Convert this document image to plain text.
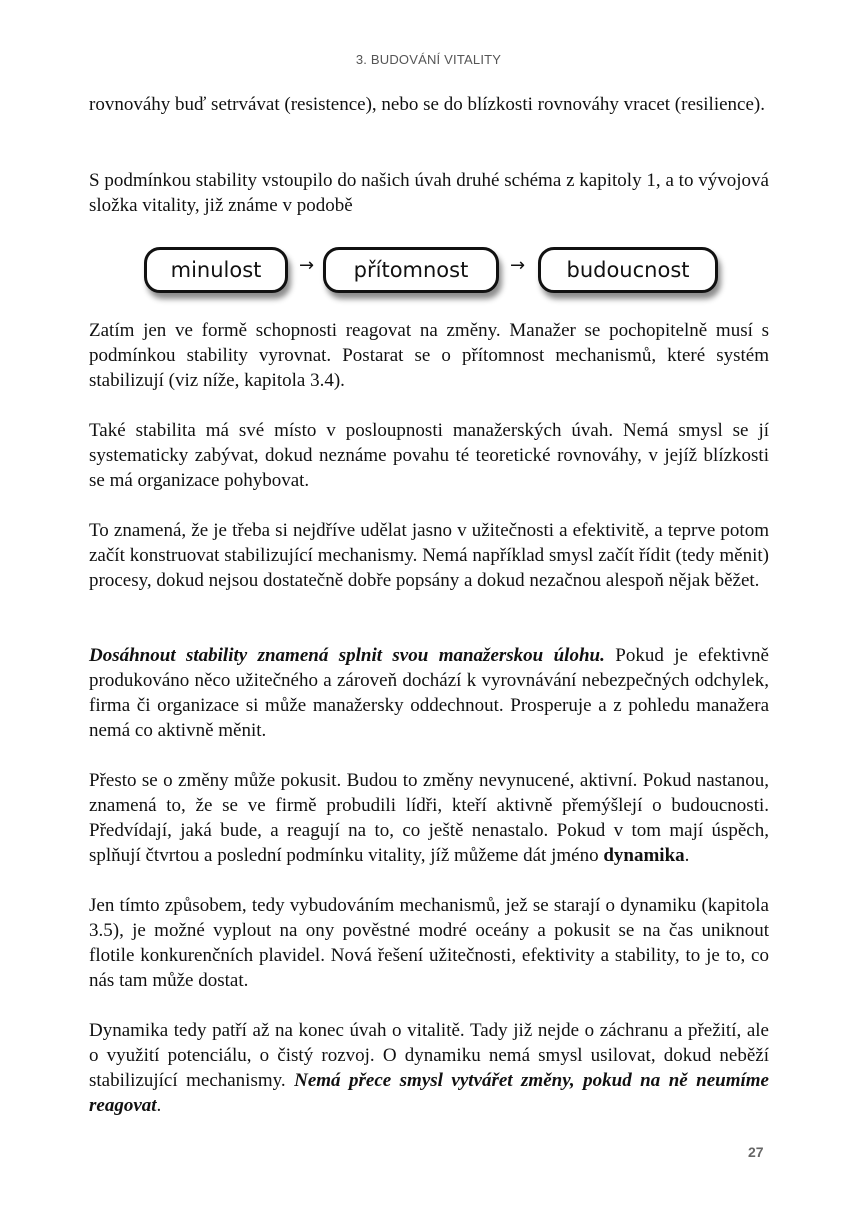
3. BUDOVÁNÍ VITALITY

rovnováhy buď setrvávat (resistence), nebo se do blízkosti rovnováhy vracet (resilience).

S podmínkou stability vstoupilo do našich úvah druhé schéma z kapitoly 1, a to vývojová složka vitality, již známe v podobě

minulost	→	přítomnost	→	budoucnost

Zatím jen ve formě schopnosti reagovat na změny. Manažer se pochopitelně musí s podmínkou stability vyrovnat. Postarat se o přítomnost mechanismů, které systém stabilizují (viz níže, kapitola 3.4).

Také stabilita má své místo v posloupnosti manažerských úvah. Nemá smysl se jí systematicky zabývat, dokud neznáme povahu té teoretické rovnováhy, v jejíž blízkosti se má organizace pohybovat.

To znamená, že je třeba si nejdříve udělat jasno v užitečnosti a efektivitě, a teprve potom začít konstruovat stabilizující mechanismy. Nemá například smysl začít řídit (tedy měnit) procesy, dokud nejsou dostatečně dobře popsány a dokud nezačnou alespoň nějak běžet.

Dosáhnout stability znamená splnit svou manažerskou úlohu. Pokud je efektivně produkováno něco užitečného a zároveň dochází k vyrovnávání nebezpečných odchylek, firma či organizace si může manažersky oddechnout. Prosperuje a z pohledu manažera nemá co aktivně měnit.

Přesto se o změny může pokusit. Budou to změny nevynucené, aktivní. Pokud nastanou, znamená to, že se ve firmě probudili lídři, kteří aktivně přemýšlejí o budoucnosti. Předvídají, jaká bude, a reagují na to, co ještě nenastalo. Pokud v tom mají úspěch, splňují čtvrtou a poslední podmínku vitality, jíž můžeme dát jméno dynamika.

Jen tímto způsobem, tedy vybudováním mechanismů, jež se starají o dynamiku (kapitola 3.5), je možné vyplout na ony pověstné modré oceány a pokusit se na čas uniknout flotile konkurenčních plavidel. Nová řešení užitečnosti, efektivity a stability, to je to, co nás tam může dostat.

Dynamika tedy patří až na konec úvah o vitalitě. Tady již nejde o záchranu a přežití, ale o využití potenciálu, o čistý rozvoj. O dynamiku nemá smysl usilovat, dokud neběží stabilizující mechanismy. Nemá přece smysl vytvářet změny, pokud na ně neumíme reagovat.

27
